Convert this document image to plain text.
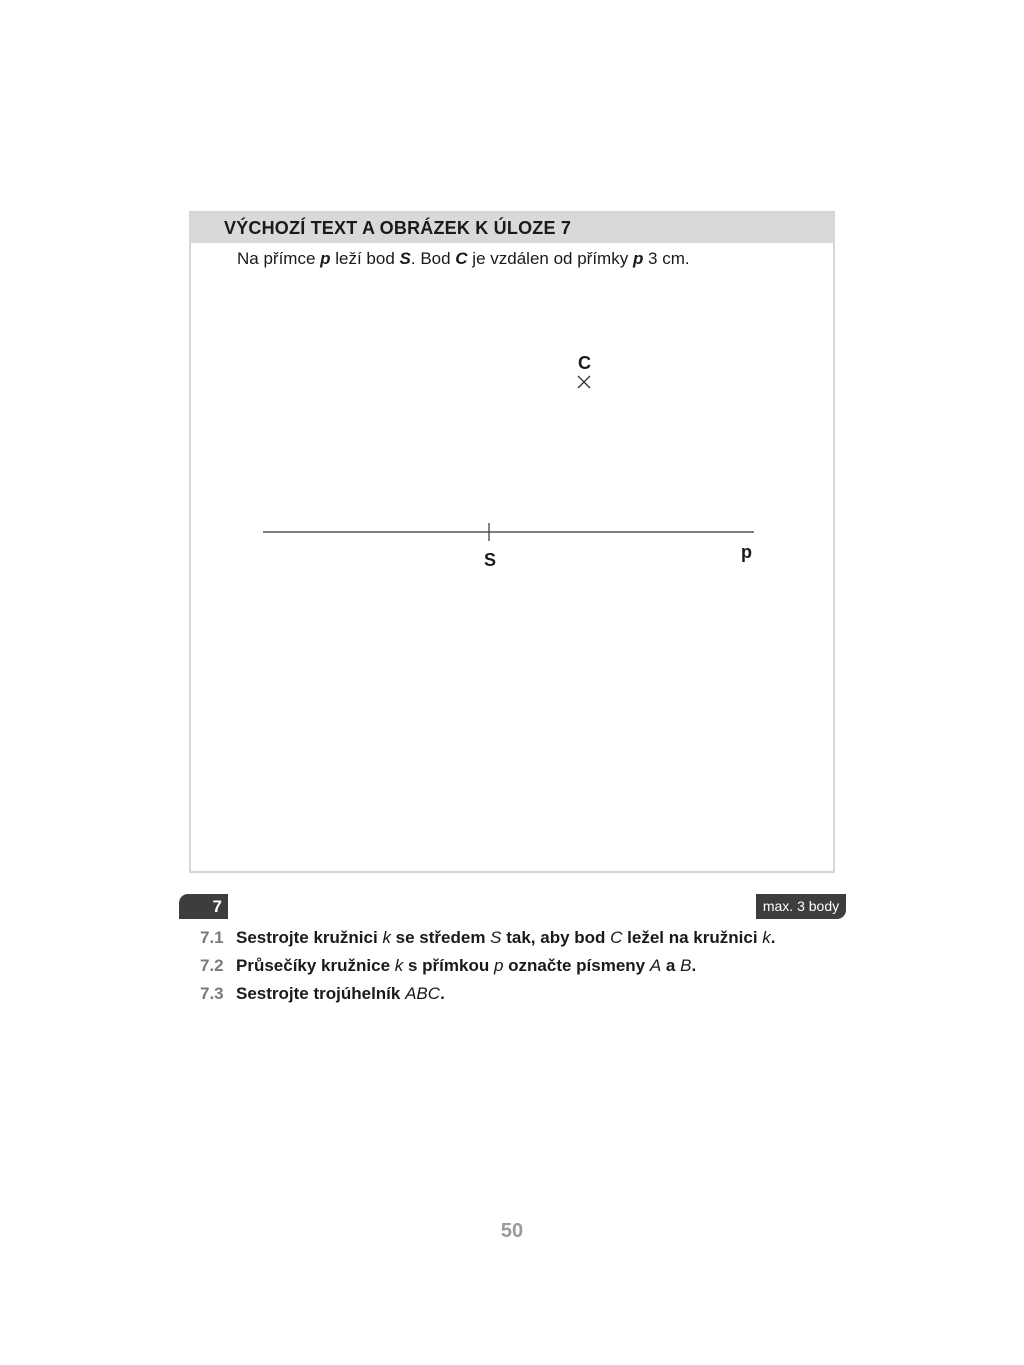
VÝCHOZÍ TEXT A OBRÁZEK K ÚLOZE 7
Na přímce p leží bod S. Bod C je vzdálen od přímky p 3 cm.
C
S	p
7	max. 3 body
7.1 Sestrojte kružnici k se středem S tak, aby bod C ležel na kružnici k.
7.2 Průsečíky kružnice k s přímkou p označte písmeny A a B.
7.3 Sestrojte trojúhelník ABC.
50
